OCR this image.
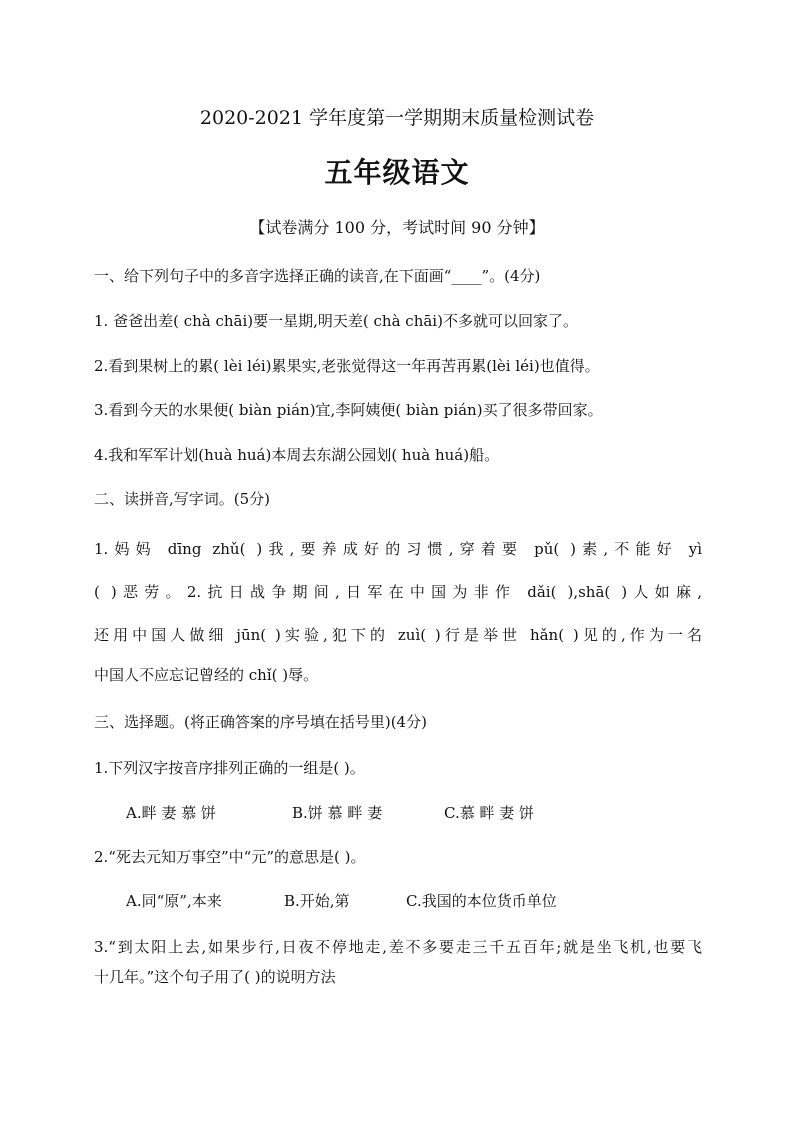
2020-2021 学年度第一学期期末质量检测试卷
五年级语文
【试卷满分 100 分，考试时间 90 分钟】
一、给下列句子中的多音字选择正确的读音,在下面画“____”。(4分)
1. 爸爸出差( chà chāi)要一星期,明天差( chà chāi)不多就可以回家了。
2.看到果树上的累( lèi léi)累果实,老张觉得这一年再苦再累(lèi léi)也值得。
3.看到今天的水果便( biàn pián)宜,李阿姨便( biàn pián)买了很多带回家。
4.我和军军计划(huà huá)本周去东湖公园划( huà huá)船。
二、读拼音,写字词。(5分)
1.妈妈 dīng zhǔ( )我,要养成好的习惯,穿着要 pǔ( )素,不能好 yì
( )恶劳。2.抗日战争期间,日军在中国为非作 dǎi( ),shā( )人如麻,
还用中国人做细 jūn( )实验,犯下的 zuì( )行是举世 hǎn( )见的,作为一名
中国人不应忘记曾经的 chǐ( )辱。
三、选择题。(将正确答案的序号填在括号里)(4分)
1.下列汉字按音序排列正确的一组是( )。
A.畔 妻 慕 饼	B.饼 慕 畔 妻	C.慕 畔 妻 饼
2.“死去元知万事空”中“元”的意思是( )。
A.同“原”,本来	B.开始,第	C.我国的本位货币单位
3.“到太阳上去,如果步行,日夜不停地走,差不多要走三千五百年;就是坐飞机,也要飞
十几年。”这个句子用了( )的说明方法
